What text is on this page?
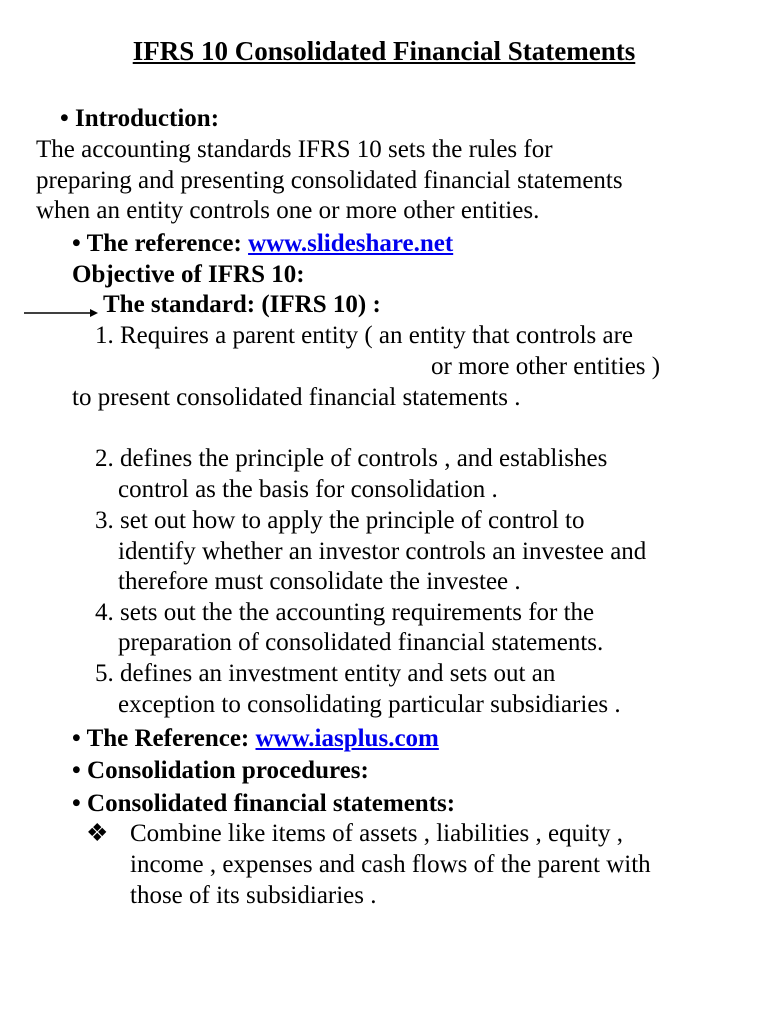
IFRS 10 Consolidated Financial Statements
• Introduction:
The accounting standards IFRS 10 sets the rules for
preparing and presenting consolidated financial statements
when an entity controls one or more other entities.
• The reference: www.slideshare.net
Objective of IFRS 10:
The standard: (IFRS 10) :
1. Requires a parent entity ( an entity that controls are
or more other entities )
to present consolidated financial statements .
2. defines the principle of controls , and establishes
control as the basis for consolidation .
3. set out how to apply the principle of control to
identify whether an investor controls an investee and
therefore must consolidate the investee .
4. sets out the the accounting requirements for the
preparation of consolidated financial statements.
5. defines an investment entity and sets out an
exception to consolidating particular subsidiaries .
• The Reference: www.iasplus.com
• Consolidation procedures:
• Consolidated financial statements:
❖ Combine like items of assets , liabilities , equity ,
income , expenses and cash flows of the parent with
those of its subsidiaries .
